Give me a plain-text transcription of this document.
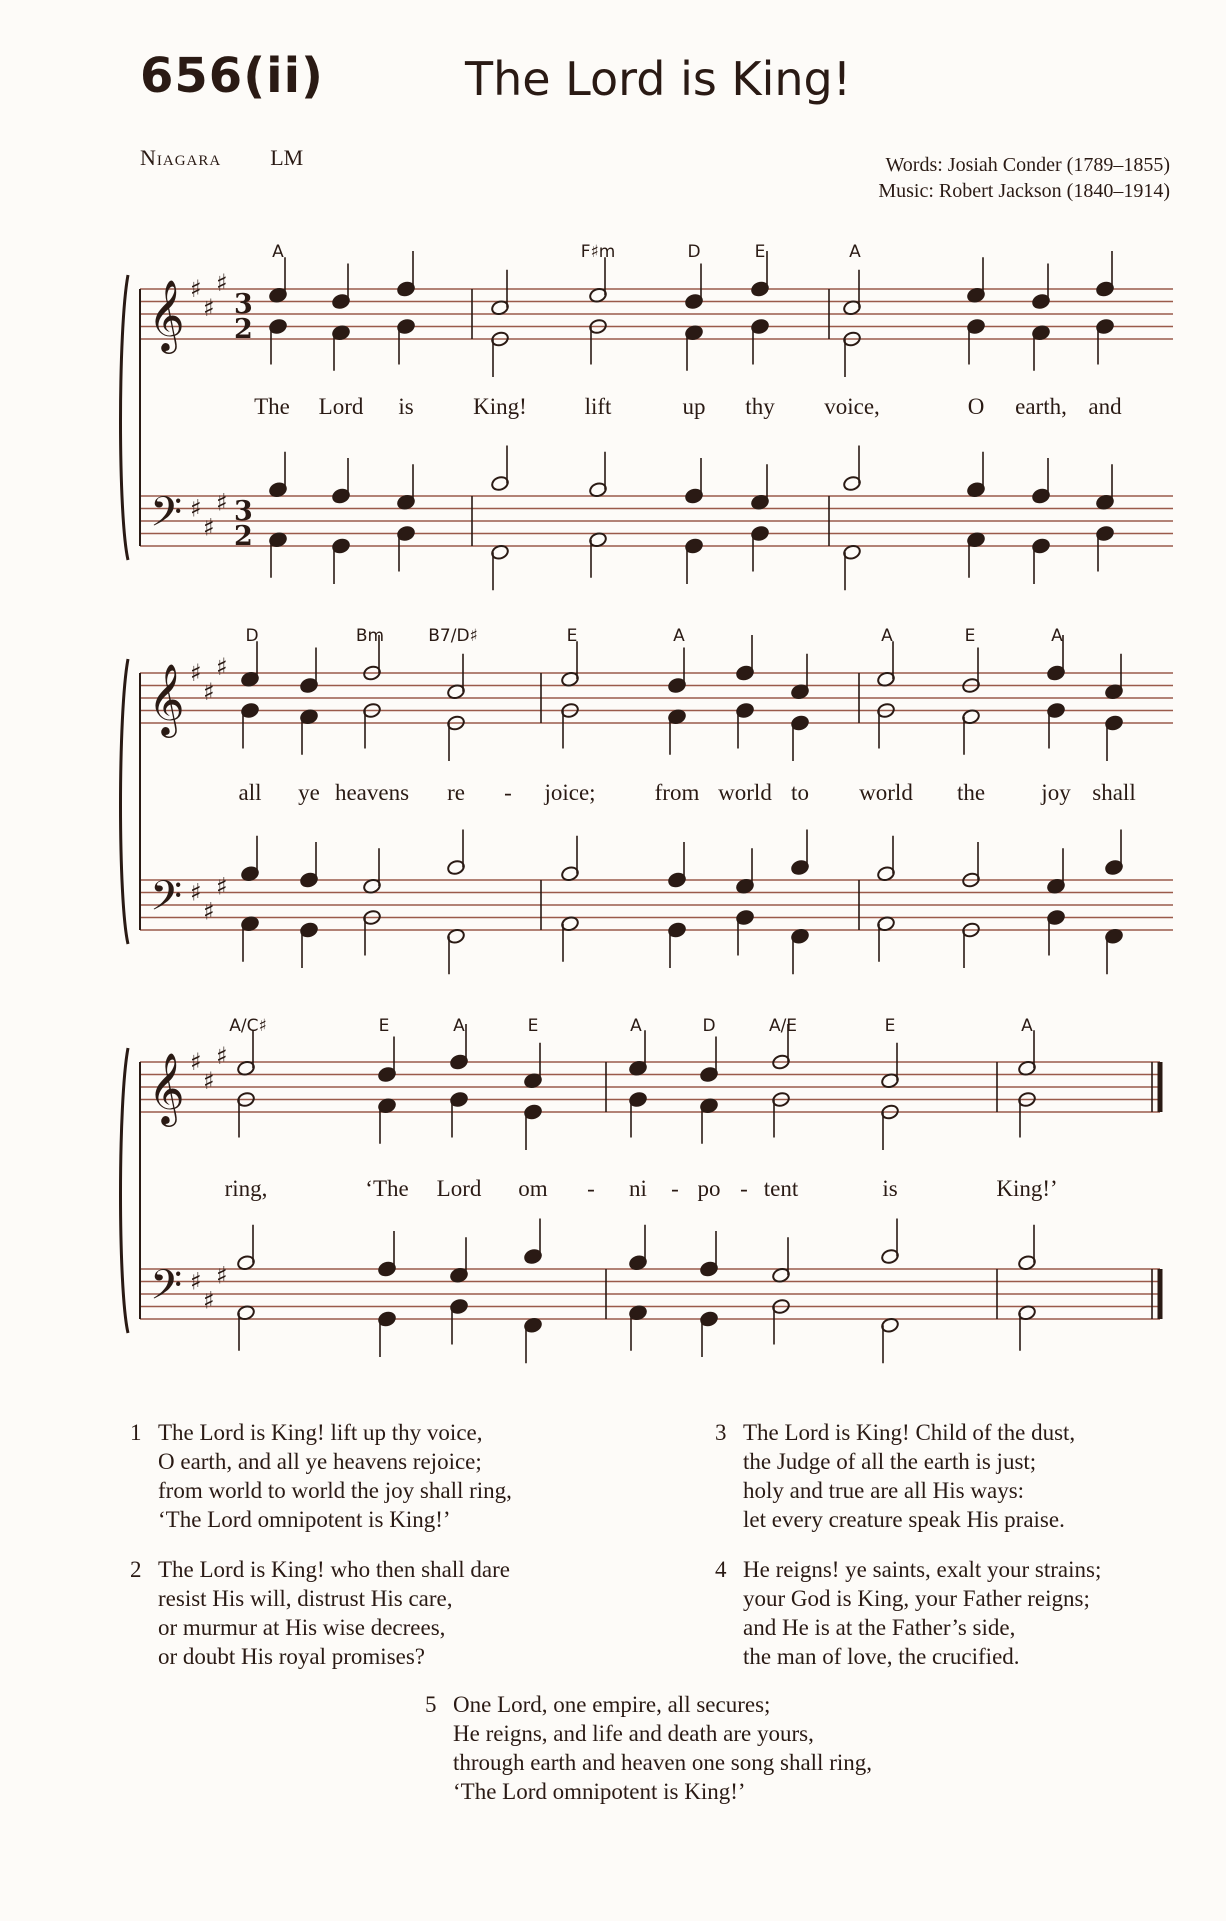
656(ii)	The Lord is King!
Niagara LM	Words: Josiah Conder (1789–1855)
Music: Robert Jackson (1840–1914)
𝄞 ♯
♯
♯
𝄢 ♯
♯
♯
𝄞 ♯
♯
♯
𝄢 ♯
♯
♯
𝄞 ♯
♯
♯
𝄢 ♯
♯
♯
3
2
3
2
A	F♯m	D	E	A
D	Bm	B7/D♯	E	A	A	E	A
A/C♯	E	A	E	A	D	A/E	E	A
The Lord is	King!	lift	up thy voice,	O earth, and
all ye heavens re - joice;	from world to world the joy shall
ring,	‘The Lord om - ni - po - tent	is	King!’
1 The Lord is King! lift up thy voice,
O earth, and all ye heavens rejoice;
from world to world the joy shall ring,
‘The Lord omnipotent is King!’
2 The Lord is King! who then shall dare
resist His will, distrust His care,
or murmur at His wise decrees,
or doubt His royal promises?
3 The Lord is King! Child of the dust,
the Judge of all the earth is just;
holy and true are all His ways:
let every creature speak His praise.
4 He reigns! ye saints, exalt your strains;
your God is King, your Father reigns;
and He is at the Father’s side,
the man of love, the crucified.
5 One Lord, one empire, all secures;
He reigns, and life and death are yours,
through earth and heaven one song shall ring,
‘The Lord omnipotent is King!’
